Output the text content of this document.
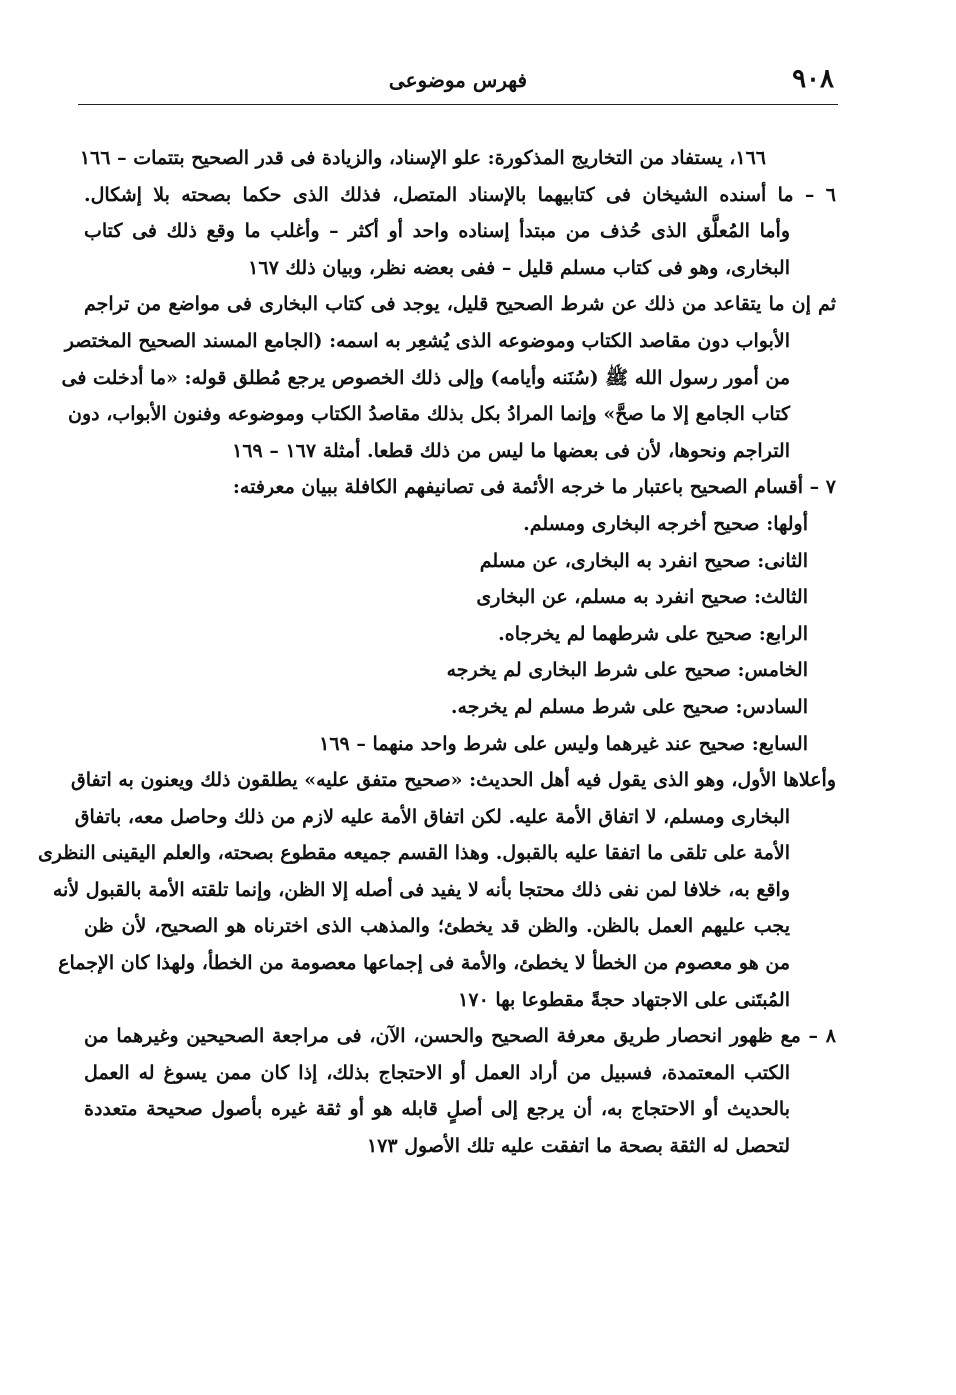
٩٠٨
فهرس موضوعى
١٦٦، يستفاد من التخاريج المذكورة: علو الإسناد، والزيادة فى قدر الصحيح بتتمات – ١٦٦
٦ – ما أسنده الشيخان فى كتابيهما بالإسناد المتصل، فذلك الذى حكما بصحته بلا إشكال.
وأما المُعلَّق الذى حُذف من مبتدأ إسناده واحد أو أكثر – وأغلب ما وقع ذلك فى كتاب
البخارى، وهو فى كتاب مسلم قليل – ففى بعضه نظر، وبيان ذلك ١٦٧
ثم إن ما يتقاعد من ذلك عن شرط الصحيح قليل، يوجد فى كتاب البخارى فى مواضع من تراجم
الأبواب دون مقاصد الكتاب وموضوعه الذى يُشعِر به اسمه: (الجامع المسند الصحيح المختصر
من أمور رسول الله ﷺ (سُنَنه وأيامه) وإلى ذلك الخصوص يرجع مُطلق قوله: «ما أدخلت فى
كتاب الجامع إلا ما صحَّ» وإنما المرادُ بكل بذلك مقاصدُ الكتاب وموضوعه وفنون الأبواب، دون
التراجم ونحوها، لأن فى بعضها ما ليس من ذلك قطعا. أمثلة ١٦٧ – ١٦٩
٧ – أقسام الصحيح باعتبار ما خرجه الأئمة فى تصانيفهم الكافلة ببيان معرفته:
أولها: صحيح أخرجه البخارى ومسلم.
الثانى: صحيح انفرد به البخارى، عن مسلم
الثالث: صحيح انفرد به مسلم، عن البخارى
الرابع: صحيح على شرطهما لم يخرجاه.
الخامس: صحيح على شرط البخارى لم يخرجه
السادس: صحيح على شرط مسلم لم يخرجه.
السابع: صحيح عند غيرهما وليس على شرط واحد منهما – ١٦٩
وأعلاها الأول، وهو الذى يقول فيه أهل الحديث: «صحيح متفق عليه» يطلقون ذلك ويعنون به اتفاق
البخارى ومسلم، لا اتفاق الأمة عليه. لكن اتفاق الأمة عليه لازم من ذلك وحاصل معه، باتفاق
الأمة على تلقى ما اتفقا عليه بالقبول. وهذا القسم جميعه مقطوع بصحته، والعلم اليقينى النظرى
واقع به، خلافا لمن نفى ذلك محتجا بأنه لا يفيد فى أصله إلا الظن، وإنما تلقته الأمة بالقبول لأنه
يجب عليهم العمل بالظن. والظن قد يخطئ؛ والمذهب الذى اخترناه هو الصحيح، لأن ظن
من هو معصوم من الخطأ لا يخطئ، والأمة فى إجماعها معصومة من الخطأ، ولهذا كان الإجماع
المُبتَنى على الاجتهاد حجةً مقطوعا بها ١٧٠
٨ – مع ظهور انحصار طريق معرفة الصحيح والحسن، الآن، فى مراجعة الصحيحين وغيرهما من
الكتب المعتمدة، فسبيل من أراد العمل أو الاحتجاج بذلك، إذا كان ممن يسوغ له العمل
بالحديث أو الاحتجاج به، أن يرجع إلى أصلٍ قابله هو أو ثقة غيره بأصول صحيحة متعددة
لتحصل له الثقة بصحة ما اتفقت عليه تلك الأصول ١٧٣
